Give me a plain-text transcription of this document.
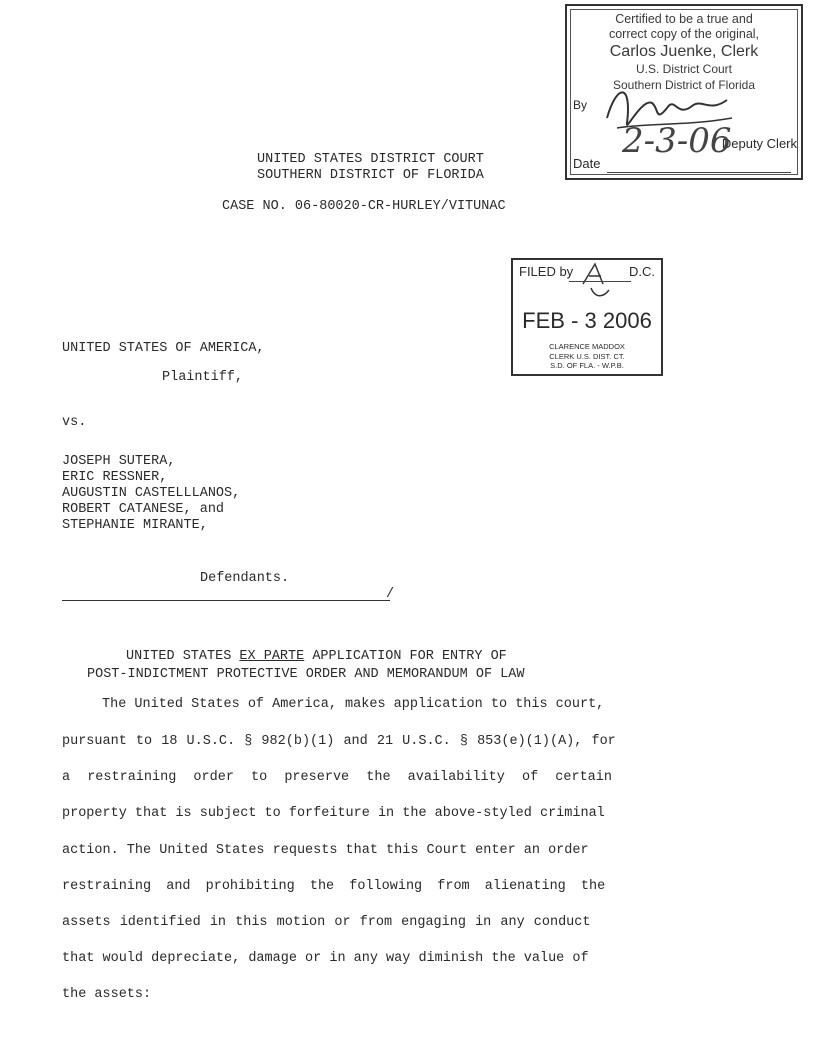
Certified to be a true and
correct copy of the original,
Carlos Juenke, Clerk
U.S. District Court
Southern District of Florida
By
Deputy Clerk
2-3-06
Date
UNITED STATES DISTRICT COURT
SOUTHERN DISTRICT OF FLORIDA
CASE NO. 06-80020-CR-HURLEY/VITUNAC
FILED by	D.C.
FEB - 3 2006
CLARENCE MADDOX
CLERK U.S. DIST. CT.
S.D. OF FLA. - W.P.B.
UNITED STATES OF AMERICA,
Plaintiff,
vs.
JOSEPH SUTERA,
ERIC RESSNER,
AUGUSTIN CASTELLLANOS,
ROBERT CATANESE, and
STEPHANIE MIRANTE,
Defendants.
/
UNITED STATES EX PARTE APPLICATION FOR ENTRY OF
POST-INDICTMENT PROTECTIVE ORDER AND MEMORANDUM OF LAW
The United States of America, makes application to this court,
pursuant to 18 U.S.C. § 982(b)(1) and 21 U.S.C. § 853(e)(1)(A), for
a restraining order to preserve the availability of certain
property that is subject to forfeiture in the above-styled criminal
action. The United States requests that this Court enter an order
restraining and prohibiting the following from alienating the
assets identified in this motion or from engaging in any conduct
that would depreciate, damage or in any way diminish the value of
the assets:
